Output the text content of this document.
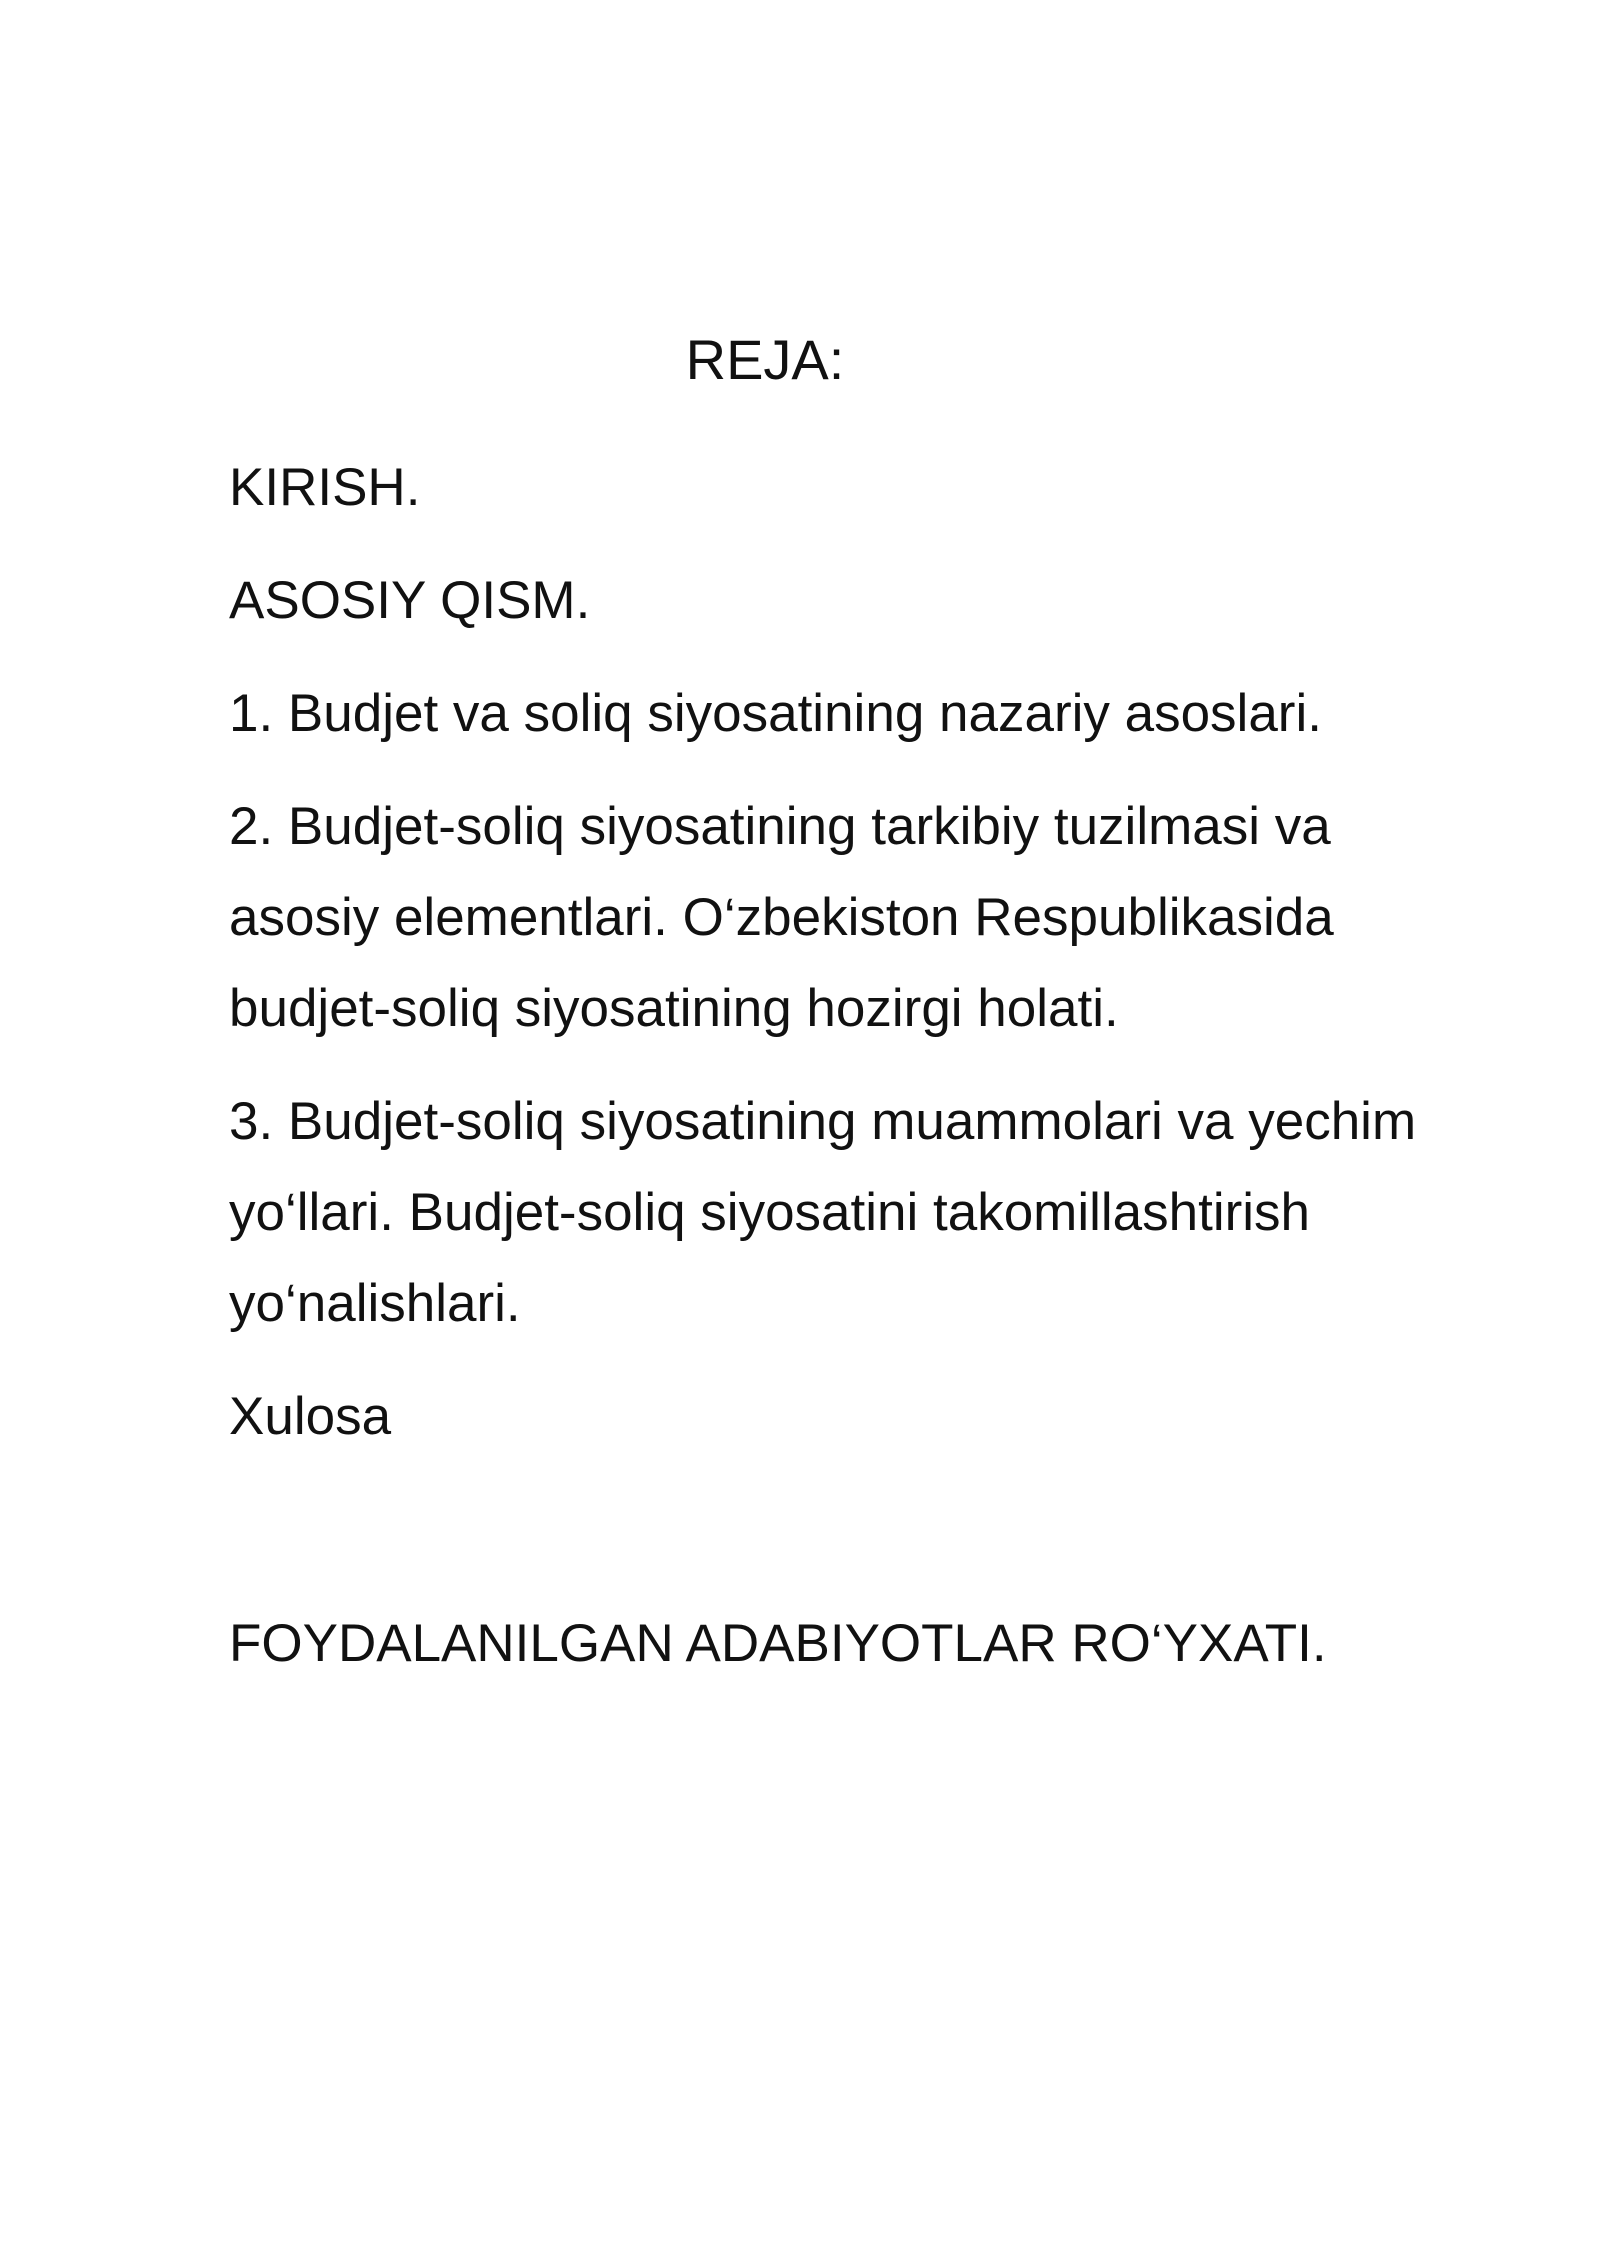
REJA:

KIRISH.

ASOSIY QISM.

1. Budjet va soliq siyosatining nazariy asoslari.

2. Budjet-soliq siyosatining tarkibiy tuzilmasi va asosiy elementlari. O‘zbekiston Respublikasida budjet-soliq siyosatining hozirgi holati.

3. Budjet-soliq siyosatining muammolari va yechim yo‘llari. Budjet-soliq siyosatini takomillashtirish yo‘nalishlari.

Xulosa

FOYDALANILGAN ADABIYOTLAR RO‘YXATI.
